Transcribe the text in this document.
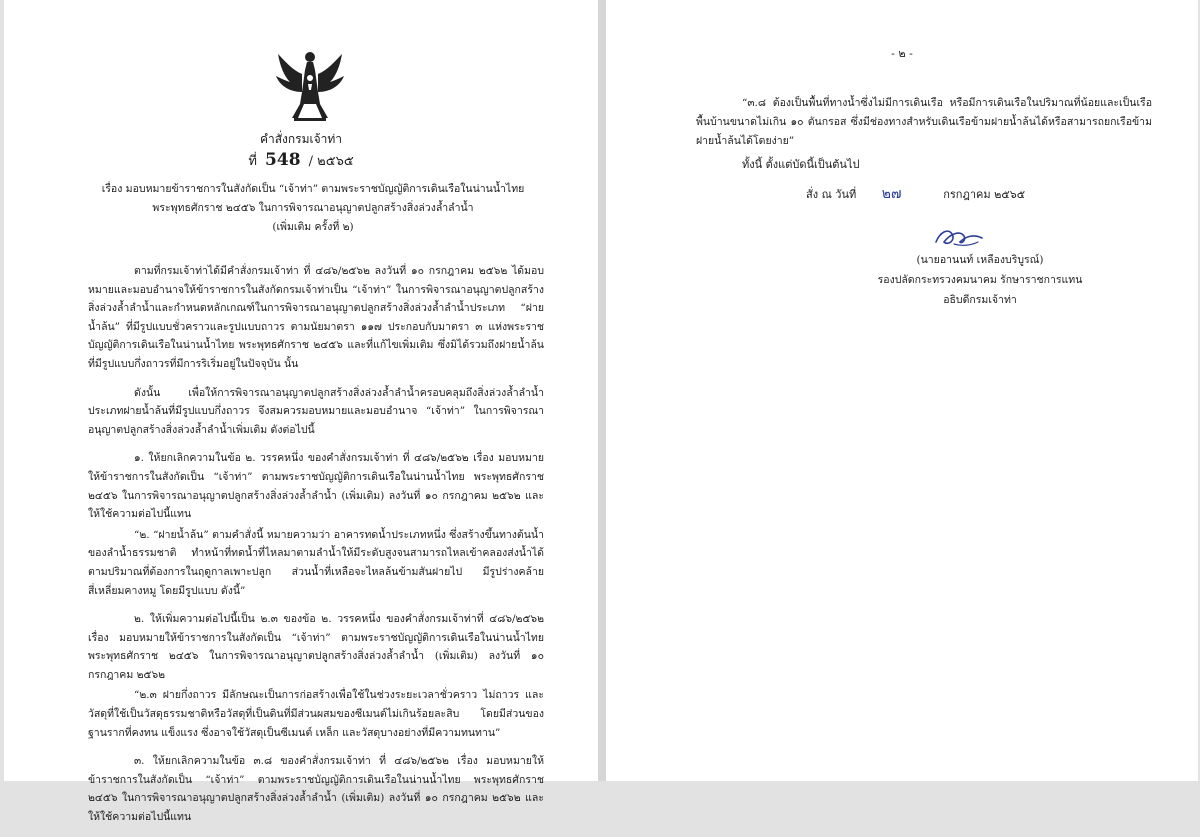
คำสั่งกรมเจ้าท่า
ที่ 548 / ๒๕๖๕
เรื่อง มอบหมายข้าราชการในสังกัดเป็น “เจ้าท่า” ตามพระราชบัญญัติการเดินเรือในน่านน้ำไทย
พระพุทธศักราช ๒๔๕๖ ในการพิจารณาอนุญาตปลูกสร้างสิ่งล่วงล้ำลำน้ำ
(เพิ่มเติม ครั้งที่ ๒)

ตามที่กรมเจ้าท่าได้มีคำสั่งกรมเจ้าท่า ที่ ๔๘๖/๒๕๖๒ ลงวันที่ ๑๐ กรกฎาคม ๒๕๖๒ ได้มอบหมายและมอบอำนาจให้ข้าราชการในสังกัดกรมเจ้าท่าเป็น “เจ้าท่า” ในการพิจารณาอนุญาตปลูกสร้างสิ่งล่วงล้ำลำน้ำและกำหนดหลักเกณฑ์ในการพิจารณาอนุญาตปลูกสร้างสิ่งล่วงล้ำลำน้ำประเภท “ฝายน้ำล้น” ที่มีรูปแบบชั่วคราวและรูปแบบถาวร ตามนัยมาตรา ๑๑๗ ประกอบกับมาตรา ๓ แห่งพระราชบัญญัติการเดินเรือในน่านน้ำไทย พระพุทธศักราช ๒๔๕๖ และที่แก้ไขเพิ่มเติม ซึ่งมิได้รวมถึงฝายน้ำล้นที่มีรูปแบบกึ่งถาวรที่มีการริเริ่มอยู่ในปัจจุบัน นั้น

ดังนั้น เพื่อให้การพิจารณาอนุญาตปลูกสร้างสิ่งล่วงล้ำลำน้ำครอบคลุมถึงสิ่งล่วงล้ำลำน้ำประเภทฝายน้ำล้นที่มีรูปแบบกึ่งถาวร จึงสมควรมอบหมายและมอบอำนาจ “เจ้าท่า” ในการพิจารณาอนุญาตปลูกสร้างสิ่งล่วงล้ำลำน้ำเพิ่มเติม ดังต่อไปนี้

๑. ให้ยกเลิกความในข้อ ๒. วรรคหนึ่ง ของคำสั่งกรมเจ้าท่า ที่ ๔๘๖/๒๕๖๒ เรื่อง มอบหมายให้ข้าราชการในสังกัดเป็น “เจ้าท่า” ตามพระราชบัญญัติการเดินเรือในน่านน้ำไทย พระพุทธศักราช ๒๔๕๖ ในการพิจารณาอนุญาตปลูกสร้างสิ่งล่วงล้ำลำน้ำ (เพิ่มเติม) ลงวันที่ ๑๐ กรกฎาคม ๒๕๖๒ และให้ใช้ความต่อไปนี้แทน

“๒. “ฝายน้ำล้น” ตามคำสั่งนี้ หมายความว่า อาคารทดน้ำประเภทหนึ่ง ซึ่งสร้างขึ้นทางต้นน้ำของลำน้ำธรรมชาติ ทำหน้าที่ทดน้ำที่ไหลมาตามลำน้ำให้มีระดับสูงจนสามารถไหลเข้าคลองส่งน้ำได้ตามปริมาณที่ต้องการในฤดูกาลเพาะปลูก ส่วนน้ำที่เหลือจะไหลล้นข้ามสันฝายไป มีรูปร่างคล้ายสี่เหลี่ยมคางหมู โดยมีรูปแบบ ดังนี้”

๒. ให้เพิ่มความต่อไปนี้เป็น ๒.๓ ของข้อ ๒. วรรคหนึ่ง ของคำสั่งกรมเจ้าท่าที่ ๔๘๖/๒๕๖๒ เรื่อง มอบหมายให้ข้าราชการในสังกัดเป็น “เจ้าท่า” ตามพระราชบัญญัติการเดินเรือในน่านน้ำไทย พระพุทธศักราช ๒๔๕๖ ในการพิจารณาอนุญาตปลูกสร้างสิ่งล่วงล้ำลำน้ำ (เพิ่มเติม) ลงวันที่ ๑๐ กรกฎาคม ๒๕๖๒

“๒.๓ ฝายกึ่งถาวร มีลักษณะเป็นการก่อสร้างเพื่อใช้ในช่วงระยะเวลาชั่วคราว ไม่ถาวร และวัสดุที่ใช้เป็นวัสดุธรรมชาติหรือวัสดุที่เป็นดินที่มีส่วนผสมของซีเมนต์ไม่เกินร้อยละสิบ โดยมีส่วนของฐานรากที่คงทน แข็งแรง ซึ่งอาจใช้วัสดุเป็นซีเมนต์ เหล็ก และวัสดุบางอย่างที่มีความทนทาน”

๓. ให้ยกเลิกความในข้อ ๓.๘ ของคำสั่งกรมเจ้าท่า ที่ ๔๘๖/๒๕๖๒ เรื่อง มอบหมายให้ข้าราชการในสังกัดเป็น “เจ้าท่า” ตามพระราชบัญญัติการเดินเรือในน่านน้ำไทย พระพุทธศักราช ๒๔๕๖ ในการพิจารณาอนุญาตปลูกสร้างสิ่งล่วงล้ำลำน้ำ (เพิ่มเติม) ลงวันที่ ๑๐ กรกฎาคม ๒๕๖๒ และให้ใช้ความต่อไปนี้แทน

- ๒ -

“๓.๘ ต้องเป็นพื้นที่ทางน้ำซึ่งไม่มีการเดินเรือ หรือมีการเดินเรือในปริมาณที่น้อยและเป็นเรือพื้นบ้านขนาดไม่เกิน ๑๐ ตันกรอส ซึ่งมีช่องทางสำหรับเดินเรือข้ามฝายน้ำล้นได้หรือสามารถยกเรือข้ามฝายน้ำล้นได้โดยง่าย”

ทั้งนี้ ตั้งแต่บัดนี้เป็นต้นไป
สั่ง ณ วันที่ ๒๗	กรกฎาคม ๒๕๖๕
(นายอานนท์ เหลืองบริบูรณ์)
รองปลัดกระทรวงคมนาคม รักษาราชการแทน
อธิบดีกรมเจ้าท่า
